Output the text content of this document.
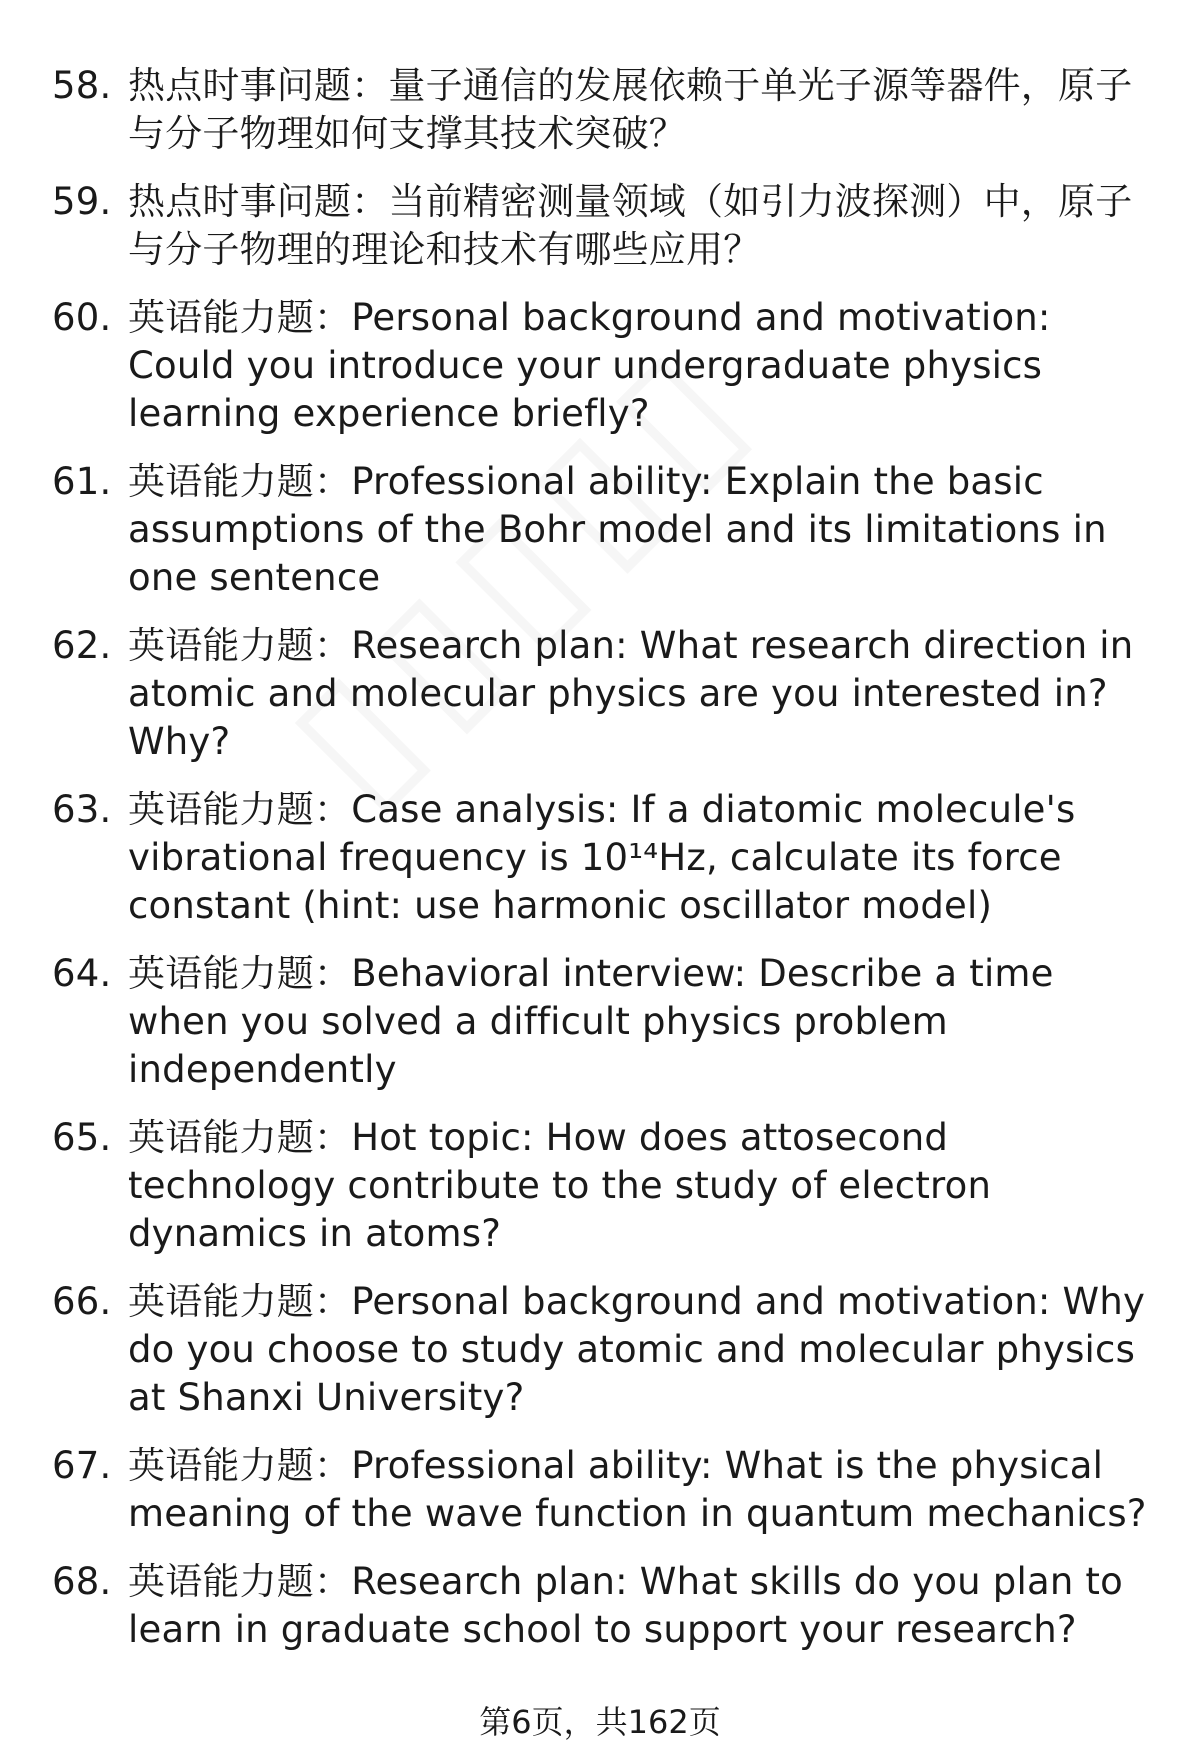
58. 热点时事问题：量子通信的发展依赖于单光子源等器件，原子与分子物理如何支撑其技术突破？
59. 热点时事问题：当前精密测量领域（如引力波探测）中，原子与分子物理的理论和技术有哪些应用？
60. 英语能力题：Personal background and motivation: Could you introduce your undergraduate physics learning experience briefly?
61. 英语能力题：Professional ability: Explain the basic assumptions of the Bohr model and its limitations in one sentence
62. 英语能力题：Research plan: What research direction in atomic and molecular physics are you interested in? Why?
63. 英语能力题：Case analysis: If a diatomic molecule's vibrational frequency is 10¹⁴Hz, calculate its force constant (hint: use harmonic oscillator model)
64. 英语能力题：Behavioral interview: Describe a time when you solved a difficult physics problem independently
65. 英语能力题：Hot topic: How does attosecond technology contribute to the study of electron dynamics in atoms?
66. 英语能力题：Personal background and motivation: Why do you choose to study atomic and molecular physics at Shanxi University?
67. 英语能力题：Professional ability: What is the physical meaning of the wave function in quantum mechanics?
68. 英语能力题：Research plan: What skills do you plan to learn in graduate school to support your research?
第6页，共162页
